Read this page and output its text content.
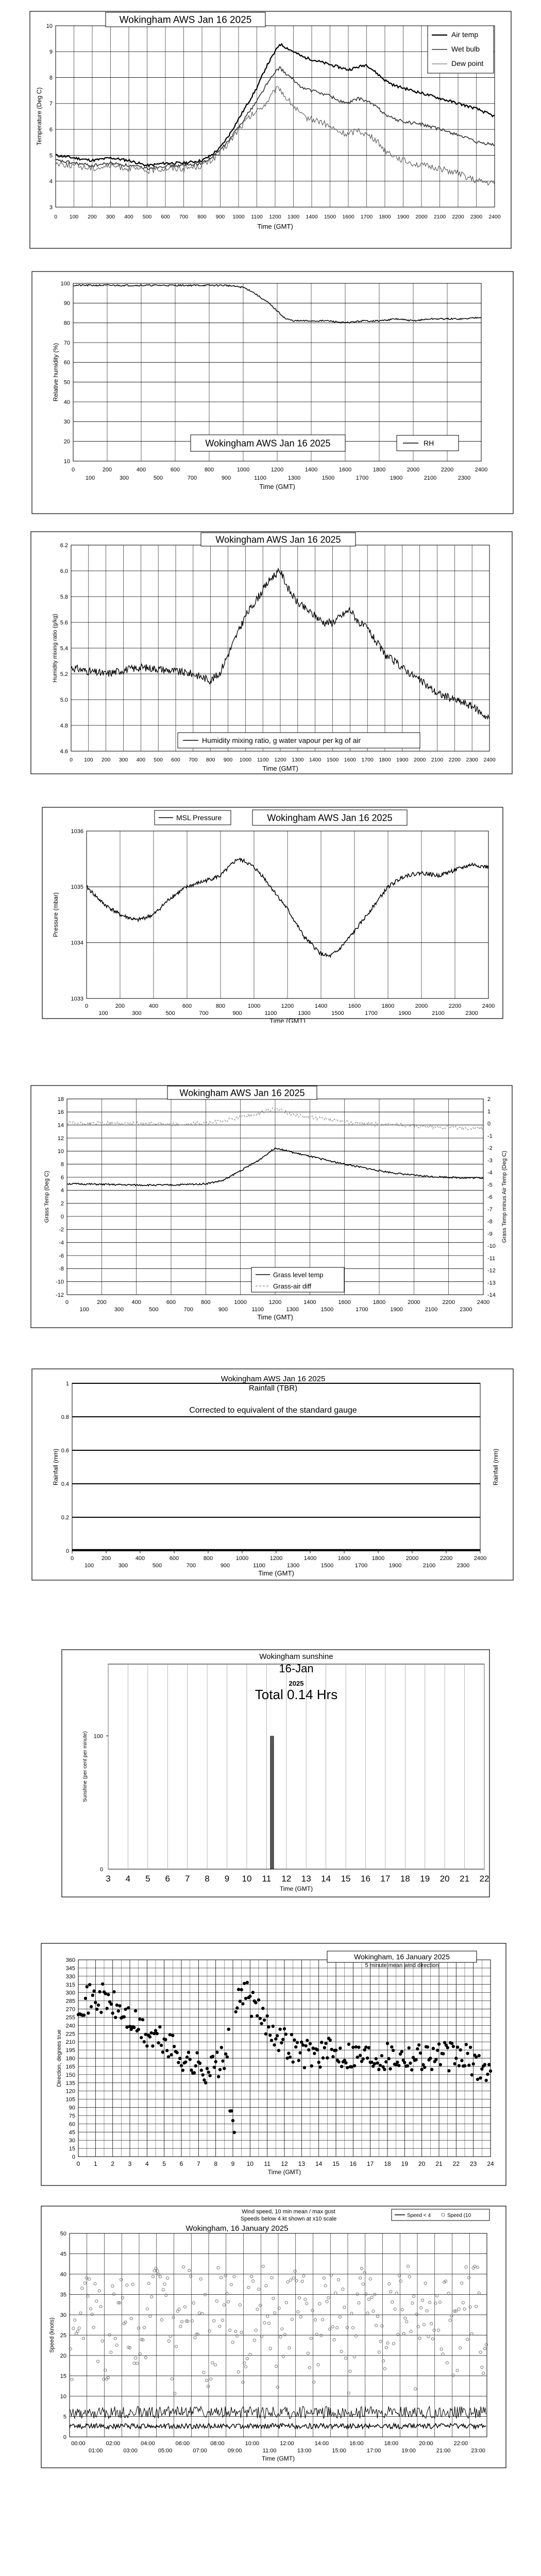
3
4
5
6
7
8
9
10
0 100 200 300 400 500 600 700 800 900 1000 1100 1200 1300 1400 1500 1600 1700 1800 1900 2000 2100 2200 2300 2400
Wokingham AWS Jan 16 2025
Air temp
Wet bulb
Dew point
Temperature (Deg C)
Time (GMT)
10
20
30
40
50
60
70
80
90
100
0	200	400	600	800	1000	1200	1400	1600	1800	2000	2200	2400
100	300	500	700	900	1100	1300	1500	1700	1900	2100	2300
Wokingham AWS Jan 16 2025	RH
Relative humidity (%)
Time (GMT)
4.6
4.8
5.0
5.2
5.4
5.6
5.8
6.0
6.2
0 100 200 300 400 500 600 700 800 900 1000 1100 1200 1300 1400 1500 1600 1700 1800 1900 2000 2100 2200 2300 2400
Wokingham AWS Jan 16 2025
Humidity mixing ratio, g water vapour per kg of air
Humidity mixing ratio (g/kg)
Time (GMT)
1033
1034
1035
1036
0	200	400	600	800	1000	1200	1400	1600	1800	2000	2200	2400
100	300	500	700	900	1100	1300	1500	1700	1900	2100	2300
MSL Pressure	Wokingham AWS Jan 16 2025
Pressure (mbar)
Time (GMT)
-12
-10
-8
-6
-4
-2
0
2
4
6
8
10
12
14
16
18
-14
-13
-12
-11
-10
-9
-8
-7
-6
-5
-4
-3
-2
-1
0
1
2
0	200	400	600	800	1000	1200	1400	1600	1800	2000	2200	2400
100	300	500	700	900	1100	1300	1500	1700	1900	2100	2300
Wokingham AWS Jan 16 2025
Grass level temp
Grass-air diff
Grass Temp (Deg C)	Grass Temp minus Air Temp (Deg C)
Time (GMT)
0
0.2
0.4
0.6
0.8
1
0	200	400	600	800	1000	1200	1400	1600	1800	2000	2200	2400
100	300	500	700	900	1100	1300	1500	1700	1900	2100	2300
Wokingham AWS Jan 16 2025
Rainfall (TBR)
Corrected to equivalent of the standard gauge
Rainfall (mm)	Rainfall (mm)
Time (GMT)
3 4 5 6 7 8 9 10 11 12 13 14 15 16 17 18 19 20 21 22
0
100
Wokingham sunshine
16-Jan
2025
Total 0.14 Hrs
Sunshine (per cent per minute)
Time (GMT)
0
15
30
45
60
75
90
105
120
135
150
165
180
195
210
225
240
255
270
285
300
315
330
345
360
0 1 2 3 4 5 6 7 8 9 10 11 12 13 14 15 16 17 18 19 20 21 22 23 24
Wokingham, 16 January 2025
5 minute mean wind direction
Direction, degrees true
Time (GMT)
0
5
10
15
20
25
30
35
40
45
50
00:00	02:00	04:00	06:00	08:00	10:00	12:00	14:00	16:00	18:00	20:00	22:00
01:00	03:00	05:00	07:00	09:00	11:00	13:00	15:00	17:00	19:00	21:00	23:00
Wind speed, 10 min mean / max gust
Speeds below 4 kt shown at x10 scale
Wokingham, 16 January 2025
Speed < 4	Speed (10
Speed (knots)
Time (GMT)
